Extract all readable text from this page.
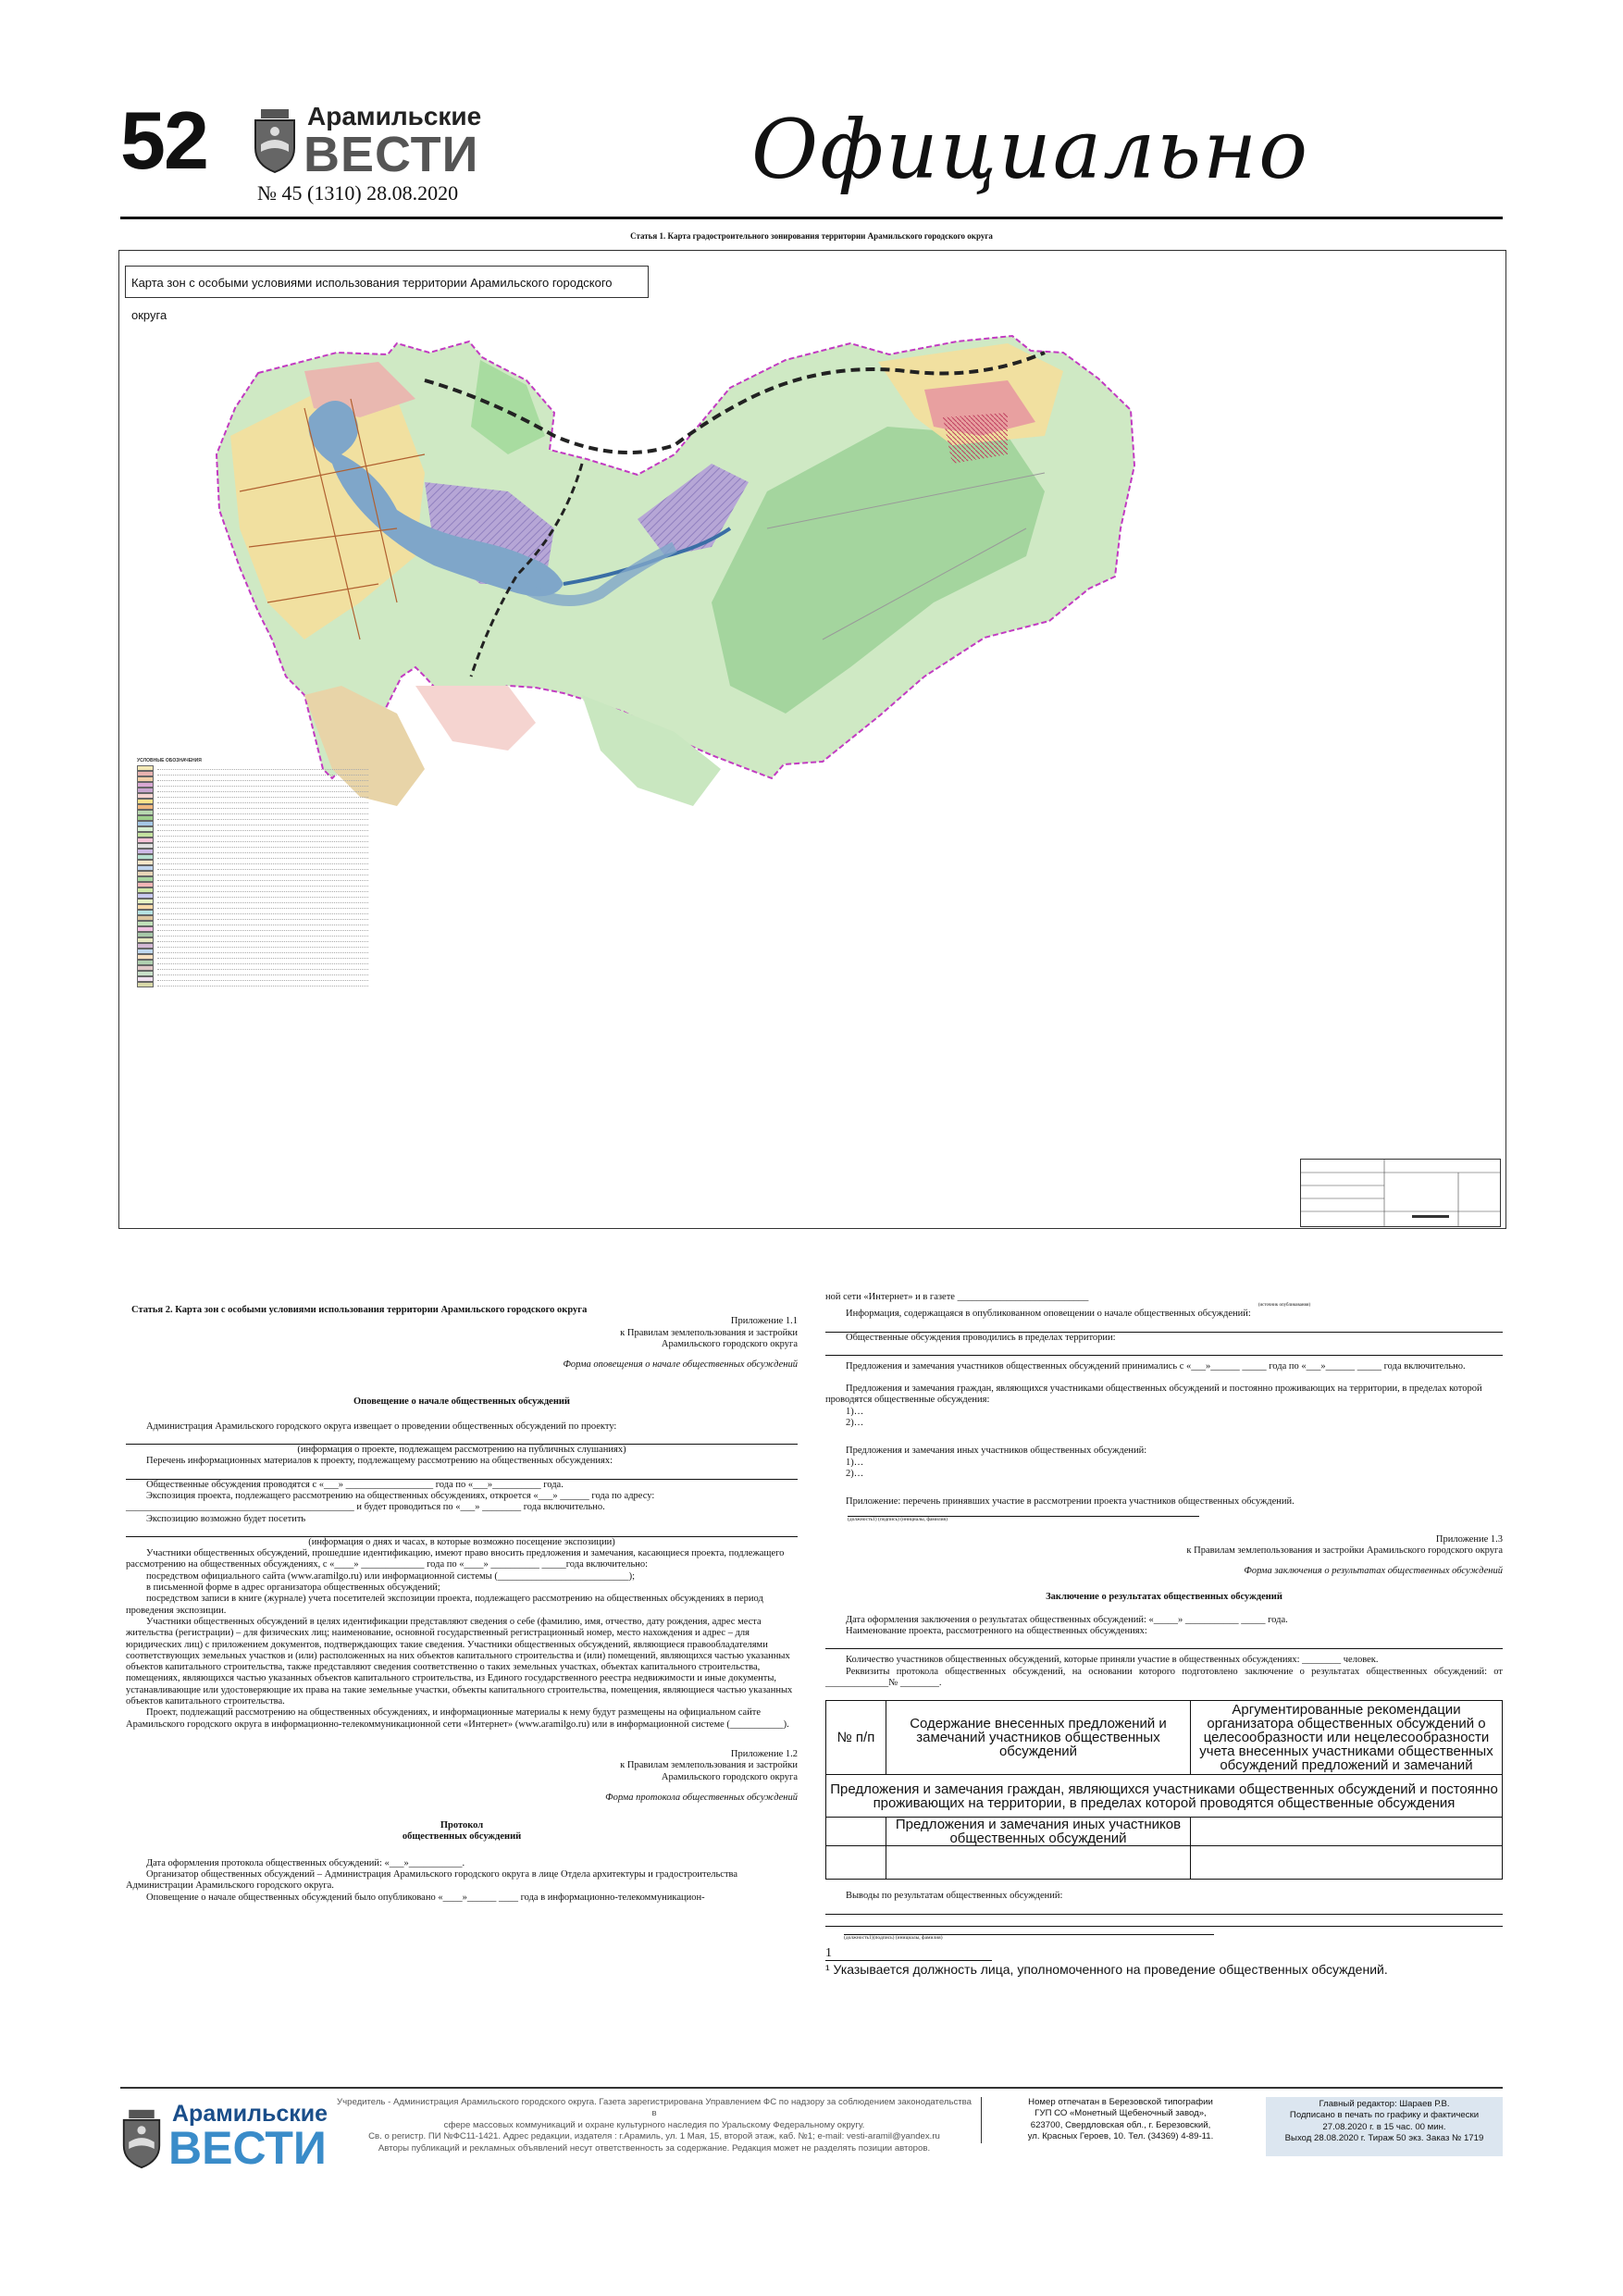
52	Арамильские
ВЕСТИ
№ 45 (1310) 28.08.2020	Официально
Статья 1. Карта градостроительного зонирования территории Арамильского городского округа
Карта зон с особыми условиями использования территории Арамильского городского округа
УСЛОВНЫЕ ОБОЗНАЧЕНИЯ

Статья 2. Карта зон с особыми условиями использования территории Арамильского городского округа

Приложение 1.1

к Правилам землепользования и застройки

Арамильского городского округа

Форма оповещения о начале общественных обсуждений

Оповещение о начале общественных обсуждений

Администрация Арамильского городского округа извещает о проведении общественных обсуждений по проекту:

(информация о проекте, подлежащем рассмотрению на публичных слушаниях)

Перечень информационных материалов к проекту, подлежащему рассмотрению на общественных обсуждениях:

Общественные обсуждения проводятся с «___» __________________ года по «___»__________ года.

Экспозиция проекта, подлежащего рассмотрению на общественных обсуждениях, откроется «___» ______ года по адресу:

_______________________________________________ и будет проводиться по «___» ________ года включительно.

Экспозицию возможно будет посетить

(информация о днях и часах, в которые возможно посещение экспозиции)

Участники общественных обсуждений, прошедшие идентификацию, имеют право вносить предложения и замечания, касающиеся проекта, подлежащего рассмотрению на общественных обсуждениях, с «____» _____________ года по «____» __________ _____года включительно:

посредством официального сайта (www.aramilgo.ru) или информационной системы (___________________________);

в письменной форме в адрес организатора общественных обсуждений;

посредством записи в книге (журнале) учета посетителей экспозиции проекта, подлежащего рассмотрению на общественных обсуждениях в период проведения экспозиции.

Участники общественных обсуждений в целях идентификации представляют сведения о себе (фамилию, имя, отчество, дату рождения, адрес места жительства (регистрации) – для физических лиц; наименование, основной государственный регистрационный номер, место нахождения и адрес – для юридических лиц) с приложением документов, подтверждающих такие сведения. Участники общественных обсуждений, являющиеся правообладателями соответствующих земельных участков и (или) расположенных на них объектов капитального строительства и (или) помещений, являющихся частью указанных объектов капитального строительства, также представляют сведения соответственно о таких земельных участках, объектах капитального строительства, помещениях, являющихся частью указанных объектов капитального строительства, из Единого государственного реестра недвижимости и иные документы, устанавливающие или удостоверяющие их права на такие земельные участки, объекты капитального строительства, помещения, являющиеся частью указанных объектов капитального строительства.

Проект, подлежащий рассмотрению на общественных обсуждениях, и информационные материалы к нему будут размещены на официальном сайте Арамильского городского округа в информационно-телекоммуникационной сети «Интернет» (www.aramilgo.ru) или в информационной системе (___________).

Приложение 1.2

к Правилам землепользования и застройки

Арамильского городского округа

Форма протокола общественных обсуждений

Протокол

общественных обсуждений

Дата оформления протокола общественных обсуждений: «___»___________.

Организатор общественных обсуждений – Администрация Арамильского городского округа в лице Отдела архитектуры и градостроительства Администрации Арамильского городского округа.

Оповещение о начале общественных обсуждений было опубликовано «____»______ ____ года в информационно-телекоммуникацион-

ной сети «Интернет» и в газете ___________________________

(источник опубликования)

Информация, содержащаяся в опубликованном оповещении о начале общественных обсуждений:

Общественные обсуждения проводились в пределах территории:

Предложения и замечания участников общественных обсуждений принимались с «___»______ _____ года по «___»______ _____ года включительно.

Предложения и замечания граждан, являющихся участниками общественных обсуждений и постоянно проживающих на территории, в пределах которой проводятся общественные обсуждения:

1)…

2)…

Предложения и замечания иных участников общественных обсуждений:

1)…

2)…

Приложение: перечень принявших участие в рассмотрении проекта участников общественных обсуждений.

(должность1) (подпись) (инициалы, фамилия)

Приложение 1.3

к Правилам землепользования и застройки Арамильского городского округа

Форма заключения о результатах общественных обсуждений

Заключение о результатах общественных обсуждений

Дата оформления заключения о результатах общественных обсуждений: «_____» ___________ _____ года.

Наименование проекта, рассмотренного на общественных обсуждениях:

Количество участников общественных обсуждений, которые приняли участие в общественных обсуждениях: ________ человек.

Реквизиты протокола общественных обсуждений, на основании которого подготовлено заключение о результатах общественных обсуждений: от _____________№ ________.

№ п/п	Содержание внесенных предложений и замечаний участников общественных обсуждений	Аргументированные рекомендации организатора общественных обсуждений о целесообразности или нецелесообразности учета внесенных участниками общественных обсуждений предложений и замечаний
Предложения и замечания граждан, являющихся участниками общественных обсуждений и постоянно проживающих на территории, в пределах которой проводятся общественные обсуждения		
	Предложения и замечания иных участников общественных обсуждений	

Выводы по результатам общественных обсуждений:

(должность1)(подпись) (инициалы, фамилия)

1

¹ Указывается должность лица, уполномоченного на проведение общественных обсуждений.

Арамильские
ВЕСТИ
Учредитель - Администрация Арамильского городского округа. Газета зарегистрирована Управлением ФС по надзору за соблюдением законодательства в
сфере массовых коммуникаций и охране культурного наследия по Уральскому Федеральному округу.
Св. о регистр. ПИ №ФС11-1421. Адрес редакции, издателя : г.Арамиль, ул. 1 Мая, 15, второй этаж, каб. №1; e-mail: vesti-aramil@yandex.ru
Авторы публикаций и рекламных объявлений несут ответственность за содержание. Редакция может не разделять позиции авторов.
Номер отпечатан в Березовской типографии
ГУП СО «Монетный Щебеночный завод»,
623700, Свердловская обл., г. Березовский,
ул. Красных Героев, 10. Тел. (34369) 4-89-11.
Главный редактор: Шараев Р.В.
Подписано в печать по графику и фактически
27.08.2020 г. в 15 час. 00 мин.
Выход 28.08.2020 г. Тираж 50 экз. Заказ № 1719
